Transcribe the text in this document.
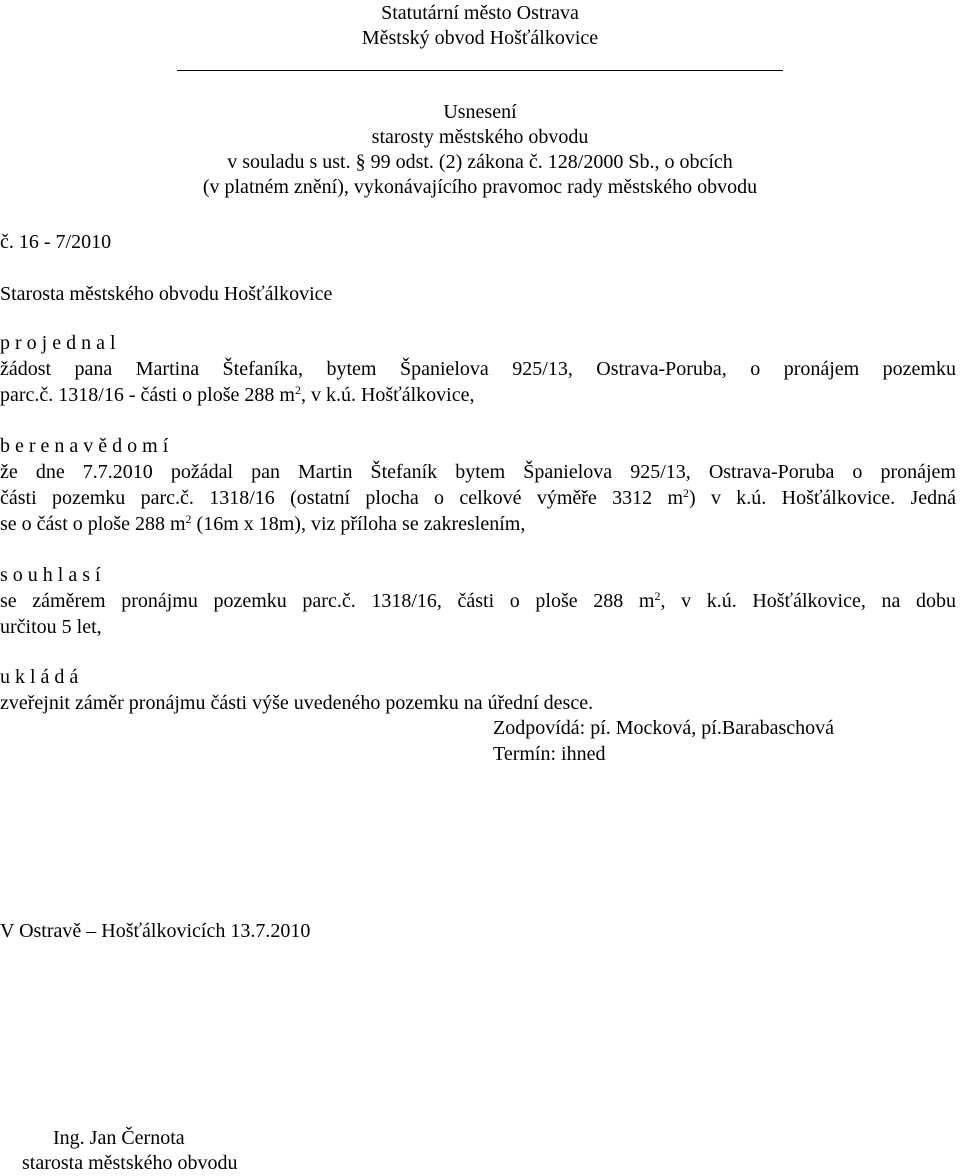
Statutární město Ostrava
Městský obvod Hošťálkovice
Usnesení
starosty městského obvodu
v souladu s ust. § 99 odst. (2) zákona č. 128/2000 Sb., o obcích
(v platném znění), vykonávajícího pravomoc rady městského obvodu
č. 16 - 7/2010
Starosta městského obvodu Hošťálkovice
p r o j e d n a l
žádost pana Martina Štefaníka, bytem Španielova 925/13, Ostrava-Poruba, o pronájem pozemku
parc.č. 1318/16 - části o ploše 288 $m^2$, v k.ú. Hošťálkovice,
b e r e n a v ě d o m í
že dne 7.7.2010 požádal pan Martin Štefaník bytem Španielova 925/13, Ostrava-Poruba o pronájem
části pozemku parc.č. 1318/16 (ostatní plocha o celkové výměře 3312 $m^2$) v k.ú. Hošťálkovice. Jedná
se o část o ploše 288 $m^2$ (16m x 18m), viz příloha se zakreslením,
s o u h l a s í
se záměrem pronájmu pozemku parc.č. 1318/16, části o ploše 288 $m^2$, v k.ú. Hošťálkovice, na dobu
určitou 5 let,
u k l á d á
zveřejnit záměr pronájmu části výše uvedeného pozemku na úřední desce.
Zodpovídá: pí. Mocková, pí.Barabaschová
Termín: ihned
V Ostravě – Hošťálkovicích 13.7.2010
Ing. Jan Černota
starosta městského obvodu
